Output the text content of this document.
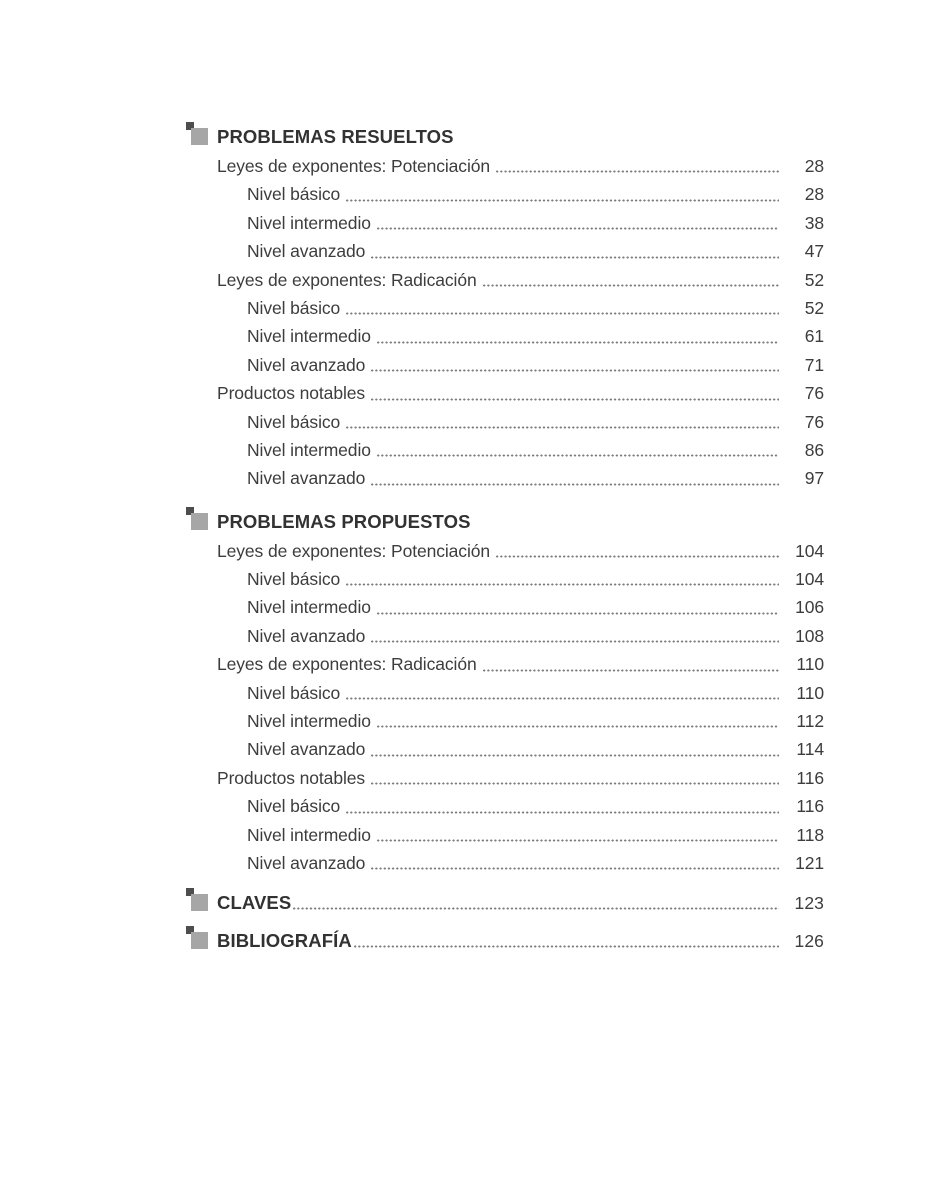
PROBLEMAS RESUELTOS
Leyes de exponentes: Potenciación	28
Nivel básico	28
Nivel intermedio	38
Nivel avanzado	47
Leyes de exponentes: Radicación	52
Nivel básico	52
Nivel intermedio	61
Nivel avanzado	71
Productos notables	76
Nivel básico	76
Nivel intermedio	86
Nivel avanzado	97
PROBLEMAS PROPUESTOS
Leyes de exponentes: Potenciación	104
Nivel básico	104
Nivel intermedio	106
Nivel avanzado	108
Leyes de exponentes: Radicación	110
Nivel básico	110
Nivel intermedio	112
Nivel avanzado	114
Productos notables	116
Nivel básico	116
Nivel intermedio	118
Nivel avanzado	121
CLAVES	123
BIBLIOGRAFÍA	126
